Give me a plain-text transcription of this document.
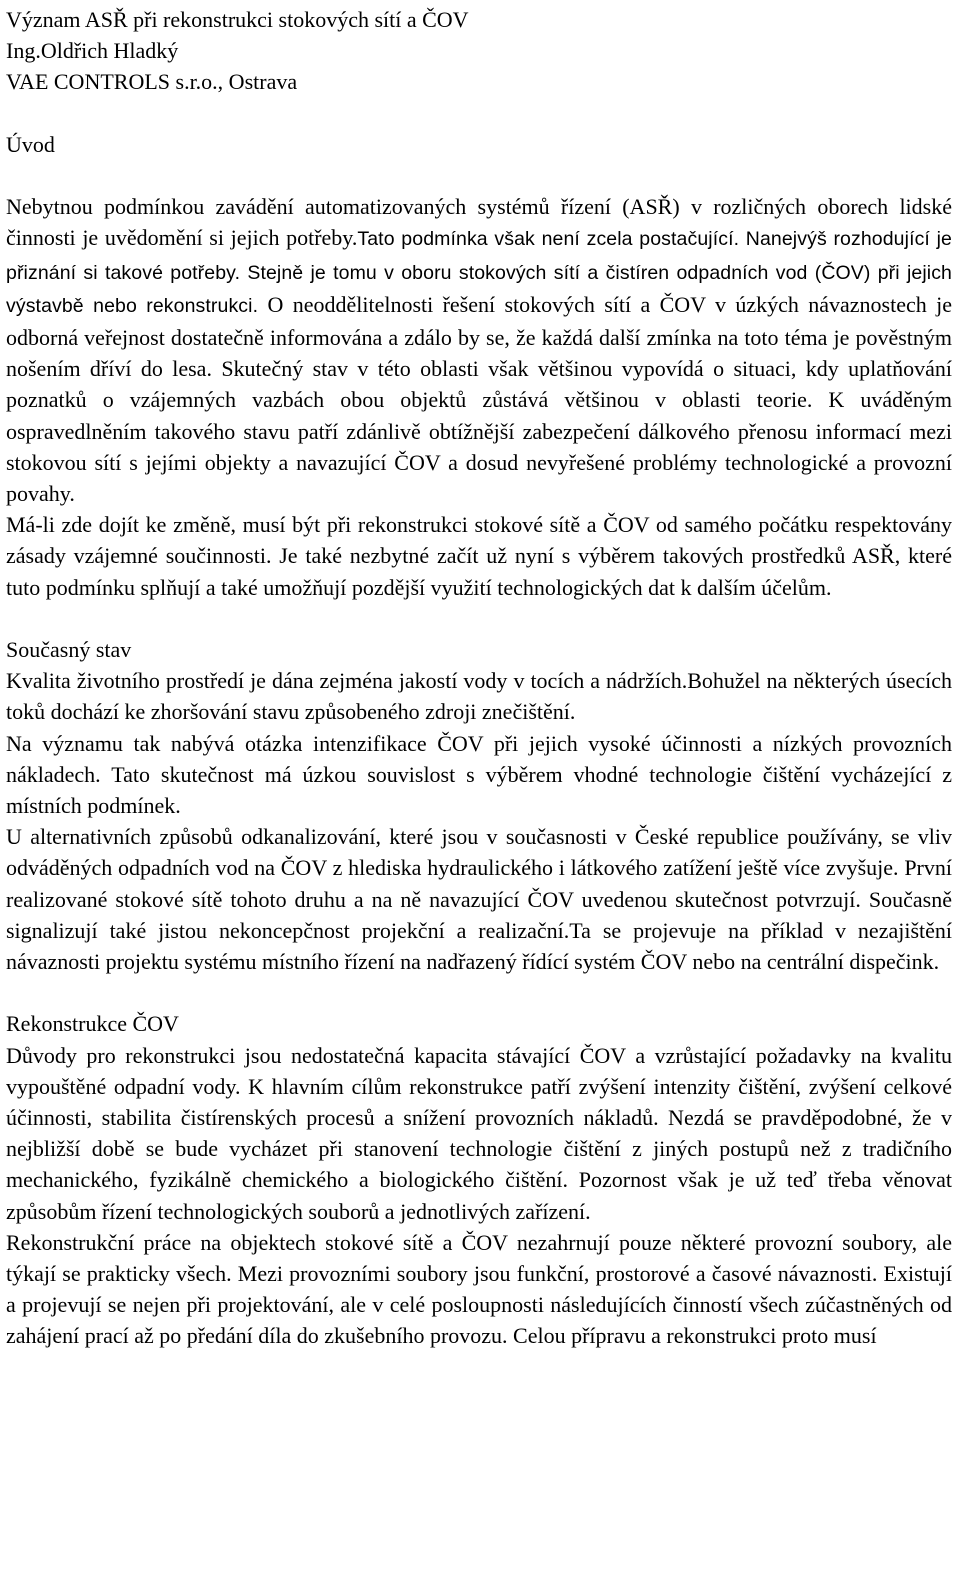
Význam ASŘ při rekonstrukci stokových sítí a ČOV
Ing.Oldřich Hladký
VAE CONTROLS s.r.o., Ostrava
Úvod

Nebytnou podmínkou zavádění automatizovaných systémů řízení (ASŘ) v rozličných oborech lidské činnosti je uvědomění si jejich potřeby.Tato podmínka však není zcela postačující. Nanejvýš rozhodující je přiznání si takové potřeby. Stejně je tomu v oboru stokových sítí a čistíren odpadních vod (ČOV) při jejich výstavbě nebo rekonstrukci. O neoddělitelnosti řešení stokových sítí a ČOV v úzkých návaznostech je odborná veřejnost dostatečně informována a zdálo by se, že každá další zmínka na toto téma je pověstným nošením dříví do lesa. Skutečný stav v této oblasti však většinou vypovídá o situaci, kdy uplatňování poznatků o vzájemných vazbách obou objektů zůstává většinou v oblasti teorie. K uváděným ospravedlněním takového stavu patří zdánlivě obtížnější zabezpečení dálkového přenosu informací mezi stokovou sítí s jejími objekty a navazující ČOV a dosud nevyřešené problémy technologické a provozní povahy.

Má-li zde dojít ke změně, musí být při rekonstrukci stokové sítě a ČOV od samého počátku respektovány zásady vzájemné součinnosti. Je také nezbytné začít už nyní s výběrem takových prostředků ASŘ, které tuto podmínku splňují a také umožňují pozdější využití technologických dat k dalším účelům.

Současný stav

Kvalita životního prostředí je dána zejména jakostí vody v tocích a nádržích.Bohužel na některých úsecích toků dochází ke zhoršování stavu způsobeného zdroji znečištění.

Na významu tak nabývá otázka intenzifikace ČOV při jejich vysoké účinnosti a nízkých provozních nákladech. Tato skutečnost má úzkou souvislost s výběrem vhodné technologie čištění vycházející z místních podmínek.

U alternativních způsobů odkanalizování, které jsou v současnosti v České republice používány, se vliv odváděných odpadních vod na ČOV z hlediska hydraulického i látkového zatížení ještě více zvyšuje. První realizované stokové sítě tohoto druhu a na ně navazující ČOV uvedenou skutečnost potvrzují. Současně signalizují také jistou nekoncepčnost projekční a realizační.Ta se projevuje na příklad v nezajištění návaznosti projektu systému místního řízení na nadřazený řídící systém ČOV nebo na centrální dispečink.

Rekonstrukce ČOV

Důvody pro rekonstrukci jsou nedostatečná kapacita stávající ČOV a vzrůstající požadavky na kvalitu vypouštěné odpadní vody. K hlavním cílům rekonstrukce patří zvýšení intenzity čištění, zvýšení celkové účinnosti, stabilita čistírenských procesů a snížení provozních nákladů. Nezdá se pravděpodobné, že v nejbližší době se bude vycházet při stanovení technologie čištění z jiných postupů než z tradičního mechanického, fyzikálně chemického a biologického čištění. Pozornost však je už teď třeba věnovat způsobům řízení technologických souborů a jednotlivých zařízení.

Rekonstrukční práce na objektech stokové sítě a ČOV nezahrnují pouze některé provozní soubory, ale týkají se prakticky všech. Mezi provozními soubory jsou funkční, prostorové a časové návaznosti. Existují a projevují se nejen při projektování, ale v celé posloupnosti následujících činností všech zúčastněných od zahájení prací až po předání díla do zkušebního provozu. Celou přípravu a rekonstrukci proto musí
